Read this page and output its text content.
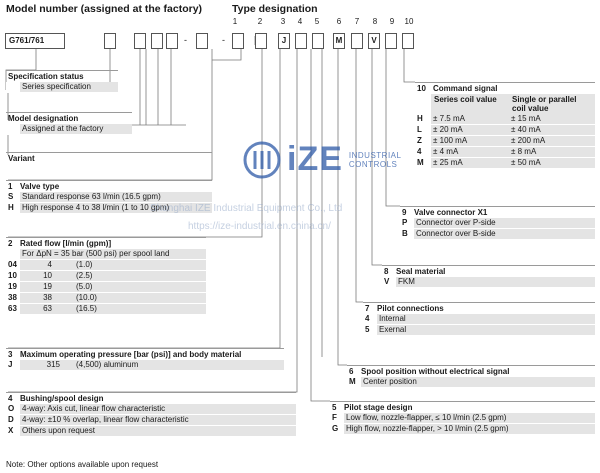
Model number (assigned at the factory)	Type designation
1	2	3	4	5	6	7	8	9	10
G761/761	-	-	J	M	V
Specification status
	Series specification
Model designation
	Assigned at the factory
Variant
1 Valve type
S	Standard response 63 l/min (16.5 gpm)
H	High response 4 to 38 l/min (1 to 10 gpm)
2 Rated flow [l/min (gpm)]
	For ΔpN = 35 bar (500 psi) per spool land	
04	4	(1.0)
10	10	(2.5)
19	19	(5.0)
38	38	(10.0)
63	63	(16.5)
3 Maximum operating pressure [bar (psi)] and body material
J	315	(4,500) aluminum
4 Bushing/spool design
O	4-way: Axis cut, linear flow characteristic
D	4-way: ±10 % overlap, linear flow characteristic
X	Others upon request
5 Pilot stage design
F	Low flow, nozzle-flapper, ≤ 10 l/min (2.5 gpm)
G	High flow, nozzle-flapper, > 10 l/min (2.5 gpm)
6 Spool position without electrical signal
M	Center position
7 Pilot connections
4	Internal
5	Exernal
8 Seal material
V	FKM
9 Valve connector X1
P	Connector over P-side
B	Connector over B-side
10 Command signal
	Series coil value	Single or parallel coil value
H	± 7.5 mA	± 15 mA
L	± 20 mA	± 40 mA
Z	± 100 mA	± 200 mA
4	± 4 mA	± 8 mA
M	± 25 mA	± 50 mA
iZE INDUSTRIAL
CONTROLS
Shanghai IZE Industrial Equipment Co., Ltd
https://ize-industrial.en.china.cn/
Note: Other options available upon request
